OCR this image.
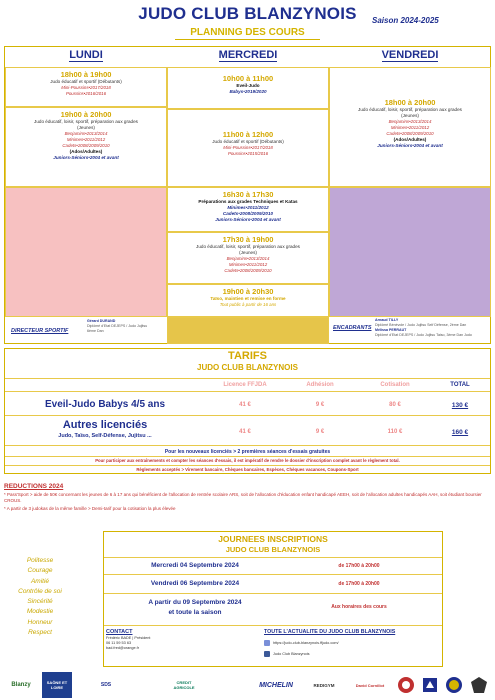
JUDO CLUB BLANZYNOIS	Saison 2024-2025
PLANNING DES COURS
LUNDI	MERCREDI	VENDREDI
18h00 à 19h00
Judo éducatif et sportif (Débutants)
Mini-Poussins•2017/2018
Poussins•2016/2016
19h00 à 20h00
Judo éducatif, loisir, sportif, préparation aux grades
(Jeunes)
Benjamins•2013/2014
Minimes•2011/2012
Cadets•2008/2009/2010
(Ados/Adultes)
Juniors-Séniors•2004 et avant
10h00 à 11h00
Eveil-Judo
Babys•2019/2020
11h00 à 12h00
Judo éducatif et sportif (Débutants)
Mini-Poussins•2017/2018
Poussins•2015/2016
16h30 à 17h30
Préparations aux grades Techniques et Katas
Minimes•2011/2012
Cadets•2008/2009/2010
Juniors-Séniors•2004 et avant
17h30 à 19h00
Judo éducatif, loisir, sportif, préparation aux grades
(Jeunes)
Benjamins•2013/2014
Minimes•2011/2012
Cadets•2008/2009/2010
19h00 à 20h30
Taïso, maintien et remise en forme
Tout public à partir de 16 ans
18h00 à 20h00
Judo éducatif, loisir, sportif, préparation aux grades
(Jeunes)
Benjamins•2013/2014
Minimes•2011/2012
Cadets•2008/2009/2010
(Ados/Adultes)
Juniors-Séniors•2004 et avant
DIRECTEUR SPORTIF
Gérard DURAND
Diplômé d'Etat DEJEPS / Judo Jujitsu
6ème Dan	ENCADRANTS
Arnaud TILLY
Diplômé Bénévole / Judo Jujitsu Self Défense, 2ème Dan
Mélissa PERRAUT
Diplômé d'Etat DEJEPS / Judo Jujitsu Taiso, 3ème Dan Judo
TARIFS
JUDO CLUB BLANZYNOIS
Licence FFJDA	Adhésion	Cotisation	TOTAL
Eveil-Judo Babys 4/5 ans	41 €	9 €	80 €	130 €
Autres licenciés
Judo, Taïso, Self-Défense, Jujitsu ...
41 €	9 €	110 €	160 €
Pour les nouveaux licenciés > 2 premières séances d'essais gratuites
Pour participer aux entraînements et compter les séances d'essais, il est impératif de rendre le dossier d'inscription complet avant le règlement total.
Règlements acceptés > Virement bancaire, Chèques bancaires, Espèces, Chèques vacances, Coupons-Sport
REDUCTIONS 2024
* Pass'Sport > aide de 50€ concernant les jeunes de 6 à 17 ans qui bénéficient de l'allocation de rentrée scolaire ARS, soit de l'allocation d'éducation enfant handicapé AEEH, soit de l'allocation adultes handicapés AAH, soit étudiant boursier CROUS.
* A partir de 3 judokas de la même famille > Demi-tarif pour la cotisation la plus élevée
Politesse
Courage
Amitié
Contrôle de soi
Sincérité
Modestie
Honneur
Respect
JOURNEES INSCRIPTIONS
JUDO CLUB BLANZYNOIS
Mercredi 04 Septembre 2024	de 17h00 à 20h00
Vendredi 06 Septembre 2024	de 17h00 à 20h00
A partir du 09 Septembre 2024
et toute la saison
Aux horaires des cours
CONTACT
Frédéric BADE | Président
06 11 59 53 63
bad.fred@orange.fr
TOUTE L'ACTUALITE DU JUDO CLUB BLANZYNOIS
https://judo-club-blanzynois.ffjudo.com/
Judo Club Blanzynois
Blanzy	SAÔNE ET LOIRE	SDS	CREDIT AGRICOLE	MICHELIN	REDIGYM	David Cornillot
